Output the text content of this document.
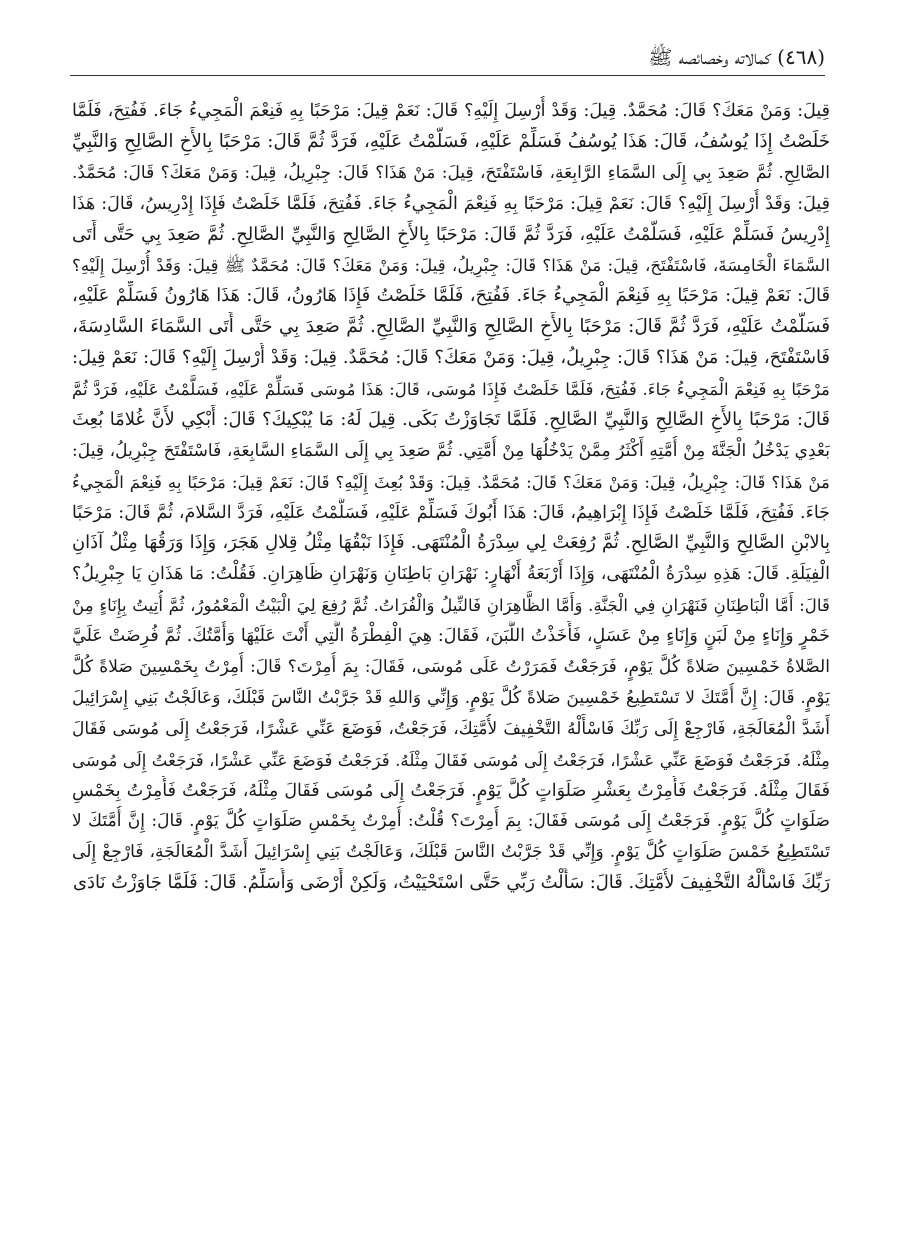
(٤٦٨) كمالاته وخصائصه ﷺ
قِيلَ: وَمَنْ مَعَكَ؟ قَالَ: مُحَمَّدٌ. قِيلَ: وَقَدْ أُرْسِلَ إِلَيْهِ؟ قَالَ: نَعَمْ قِيلَ: مَرْحَبًا بِهِ فَنِعْمَ الْمَجِيءُ جَاءَ. فَفُتِحَ، فَلَمَّا
خَلَصْتُ إِذَا يُوسُفُ، قَالَ: هَذَا يُوسُفُ فَسَلِّمْ عَلَيْهِ، فَسَلَّمْتُ عَلَيْهِ، فَرَدَّ ثُمَّ قَالَ: مَرْحَبًا بِالأَخِ الصَّالِحِ وَالنَّبِيِّ
الصَّالِحِ. ثُمَّ صَعِدَ بِي إِلَى السَّمَاءِ الرَّابِعَةِ، فَاسْتَفْتَحَ، قِيلَ: مَنْ هَذَا؟ قَالَ: جِبْرِيلُ، قِيلَ: وَمَنْ مَعَكَ؟ قَالَ: مُحَمَّدٌ.
قِيلَ: وَقَدْ أُرْسِلَ إِلَيْهِ؟ قَالَ: نَعَمْ قِيلَ: مَرْحَبًا بِهِ فَنِعْمَ الْمَجِيءُ جَاءَ. فَفُتِحَ، فَلَمَّا خَلَصْتُ فَإِذَا إِدْرِيسُ، قَالَ: هَذَا
إِدْرِيسُ فَسَلِّمْ عَلَيْهِ، فَسَلَّمْتُ عَلَيْهِ، فَرَدَّ ثُمَّ قَالَ: مَرْحَبًا بِالأَخِ الصَّالِحِ وَالنَّبِيِّ الصَّالِحِ. ثُمَّ صَعِدَ بِي حَتَّى أَتَى
السَّمَاءَ الْخَامِسَةَ، فَاسْتَفْتَحَ، قِيلَ: مَنْ هَذَا؟ قَالَ: جِبْرِيلُ، قِيلَ: وَمَنْ مَعَكَ؟ قَالَ: مُحَمَّدٌ ﷺ قِيلَ: وَقَدْ أُرْسِلَ إِلَيْهِ؟
قَالَ: نَعَمْ قِيلَ: مَرْحَبًا بِهِ فَنِعْمَ الْمَجِيءُ جَاءَ. فَفُتِحَ، فَلَمَّا خَلَصْتُ فَإِذَا هَارُونُ، قَالَ: هَذَا هَارُونُ فَسَلِّمْ عَلَيْهِ،
فَسَلَّمْتُ عَلَيْهِ، فَرَدَّ ثُمَّ قَالَ: مَرْحَبًا بِالأَخِ الصَّالِحِ وَالنَّبِيِّ الصَّالِحِ. ثُمَّ صَعِدَ بِي حَتَّى أَتَى السَّمَاءَ السَّادِسَةَ،
فَاسْتَفْتَحَ، قِيلَ: مَنْ هَذَا؟ قَالَ: جِبْرِيلُ، قِيلَ: وَمَنْ مَعَكَ؟ قَالَ: مُحَمَّدٌ. قِيلَ: وَقَدْ أُرْسِلَ إِلَيْهِ؟ قَالَ: نَعَمْ قِيلَ:
مَرْحَبًا بِهِ فَنِعْمَ الْمَجِيءُ جَاءَ. فَفُتِحَ، فَلَمَّا خَلَصْتُ فَإِذَا مُوسَى، قَالَ: هَذَا مُوسَى فَسَلِّمْ عَلَيْهِ، فَسَلَّمْتُ عَلَيْهِ، فَرَدَّ ثُمَّ
قَالَ: مَرْحَبًا بِالأَخِ الصَّالِحِ وَالنَّبِيِّ الصَّالِحِ. فَلَمَّا تَجَاوَزْتُ بَكَى. قِيلَ لَهُ: مَا يُبْكِيكَ؟ قَالَ: أَبْكِي لأَنَّ غُلامًا بُعِثَ
بَعْدِي يَدْخُلُ الْجَنَّةَ مِنْ أُمَّتِهِ أَكْثَرُ مِمَّنْ يَدْخُلُهَا مِنْ أُمَّتِي. ثُمَّ صَعِدَ بِي إِلَى السَّمَاءِ السَّابِعَةِ، فَاسْتَفْتَحَ جِبْرِيلُ، قِيلَ:
مَنْ هَذَا؟ قَالَ: جِبْرِيلُ، قِيلَ: وَمَنْ مَعَكَ؟ قَالَ: مُحَمَّدٌ. قِيلَ: وَقَدْ بُعِثَ إِلَيْهِ؟ قَالَ: نَعَمْ قِيلَ: مَرْحَبًا بِهِ فَنِعْمَ الْمَجِيءُ
جَاءَ. فَفُتِحَ، فَلَمَّا خَلَصْتُ فَإِذَا إِبْرَاهِيمُ، قَالَ: هَذَا أَبُوكَ فَسَلِّمْ عَلَيْهِ، فَسَلَّمْتُ عَلَيْهِ، فَرَدَّ السَّلامَ، ثُمَّ قَالَ: مَرْحَبًا
بِالابْنِ الصَّالِحِ وَالنَّبِيِّ الصَّالِحِ. ثُمَّ رُفِعَتْ لِي سِدْرَةُ الْمُنْتَهَى. فَإِذَا نَبْقُهَا مِثْلُ قِلالِ هَجَرَ، وَإِذَا وَرَقُهَا مِثْلُ آذَانِ
الْفِيَلَةِ. قَالَ: هَذِهِ سِدْرَةُ الْمُنْتَهَى، وَإِذَا أَرْبَعَةُ أَنْهَارٍ: نَهْرَانِ بَاطِنَانِ وَنَهْرَانِ ظَاهِرَانِ. فَقُلْتُ: مَا هَذَانِ يَا جِبْرِيلُ؟
قَالَ: أَمَّا الْبَاطِنَانِ فَنَهْرَانِ فِي الْجَنَّةِ. وَأَمَّا الظَّاهِرَانِ فَالنِّيلُ وَالْفُرَاتُ. ثُمَّ رُفِعَ لِيَ الْبَيْتُ الْمَعْمُورُ، ثُمَّ أُتِيتُ بِإِنَاءٍ مِنْ
خَمْرٍ وَإِنَاءٍ مِنْ لَبَنٍ وَإِنَاءٍ مِنْ عَسَلٍ، فَأَخَذْتُ اللَّبَنَ، فَقَالَ: هِيَ الْفِطْرَةُ الَّتِي أَنْتَ عَلَيْهَا وَأُمَّتُكَ. ثُمَّ فُرِضَتْ عَلَيَّ
الصَّلاةُ خَمْسِينَ صَلاةً كُلَّ يَوْمٍ، فَرَجَعْتُ فَمَرَرْتُ عَلَى مُوسَى، فَقَالَ: بِمَ أُمِرْتَ؟ قَالَ: أُمِرْتُ بِخَمْسِينَ صَلاةً كُلَّ
يَوْمٍ. قَالَ: إِنَّ أُمَّتَكَ لا تَسْتَطِيعُ خَمْسِينَ صَلاةً كُلَّ يَوْمٍ. وَإِنِّي وَاللهِ قَدْ جَرَّبْتُ النَّاسَ قَبْلَكَ، وَعَالَجْتُ بَنِي إِسْرَائِيلَ
أَشَدَّ الْمُعَالَجَةِ، فَارْجِعْ إِلَى رَبِّكَ فَاسْأَلْهُ التَّخْفِيفَ لأُمَّتِكَ، فَرَجَعْتُ، فَوَضَعَ عَنِّي عَشْرًا، فَرَجَعْتُ إِلَى مُوسَى فَقَالَ
مِثْلَهُ. فَرَجَعْتُ فَوَضَعَ عَنِّي عَشْرًا، فَرَجَعْتُ إِلَى مُوسَى فَقَالَ مِثْلَهُ. فَرَجَعْتُ فَوَضَعَ عَنِّي عَشْرًا، فَرَجَعْتُ إِلَى مُوسَى
فَقَالَ مِثْلَهُ. فَرَجَعْتُ فَأُمِرْتُ بِعَشْرِ صَلَوَاتٍ كُلَّ يَوْمٍ. فَرَجَعْتُ إِلَى مُوسَى فَقَالَ مِثْلَهُ، فَرَجَعْتُ فَأُمِرْتُ بِخَمْسِ
صَلَوَاتٍ كُلَّ يَوْمٍ. فَرَجَعْتُ إِلَى مُوسَى فَقَالَ: بِمَ أُمِرْتَ؟ قُلْتُ: أُمِرْتُ بِخَمْسِ صَلَوَاتٍ كُلَّ يَوْمٍ. قَالَ: إِنَّ أُمَّتَكَ لا
تَسْتَطِيعُ خَمْسَ صَلَوَاتٍ كُلَّ يَوْمٍ. وَإِنِّي قَدْ جَرَّبْتُ النَّاسَ قَبْلَكَ، وَعَالَجْتُ بَنِي إِسْرَائِيلَ أَشَدَّ الْمُعَالَجَةِ، فَارْجِعْ إِلَى
رَبِّكَ فَاسْأَلْهُ التَّخْفِيفَ لأُمَّتِكَ. قَالَ: سَأَلْتُ رَبِّي حَتَّى اسْتَحْيَيْتُ، وَلَكِنْ أَرْضَى وَأُسَلِّمُ. قَالَ: فَلَمَّا جَاوَزْتُ نَادَى
